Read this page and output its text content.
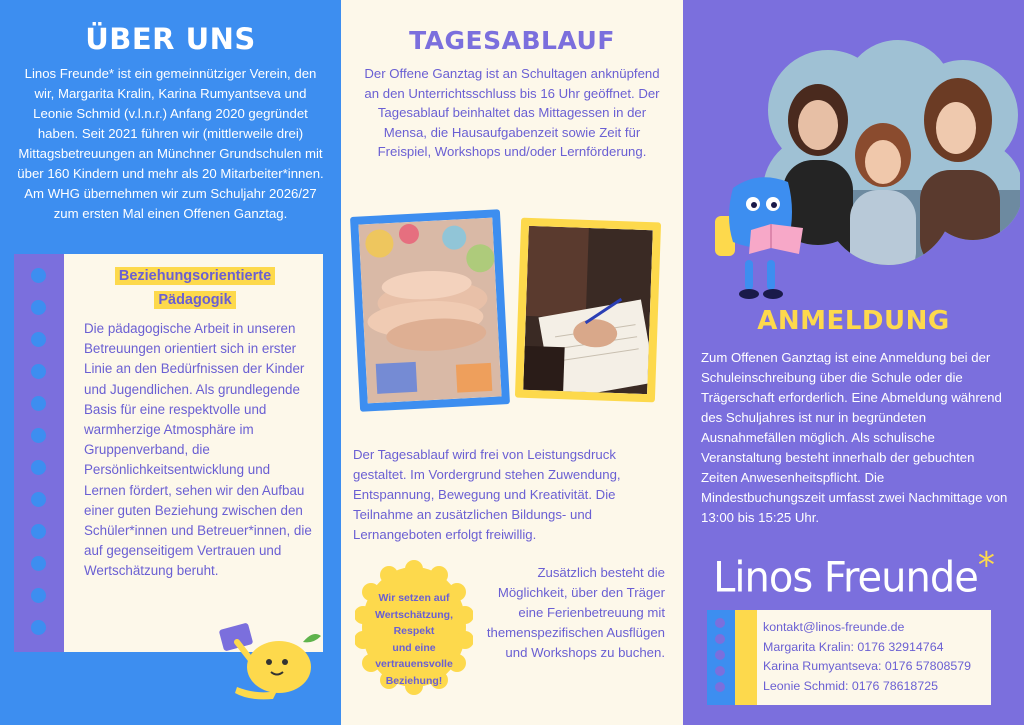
ÜBER UNS
Linos Freunde* ist ein gemeinnütziger Verein, den wir, Margarita Kralin, Karina Rumyantseva und Leonie Schmid (v.l.n.r.) Anfang 2020 gegründet haben. Seit 2021 führen wir (mittlerweile drei) Mittagsbetreuungen an Münchner Grundschulen mit über 160 Kindern und mehr als 20 Mitarbeiter*innen. Am WHG übernehmen wir zum Schuljahr 2026/27 zum ersten Mal einen Offenen Ganztag.
Beziehungsorientierte
Pädagogik
Die pädagogische Arbeit in unseren Betreuungen orientiert sich in erster Linie an den Bedürfnissen der Kinder und Jugendlichen. Als grundlegende Basis für eine respektvolle und warmherzige Atmosphäre im Gruppenverband, die Persönlichkeitsentwicklung und Lernen fördert, sehen wir den Aufbau einer guten Beziehung zwischen den Schüler*innen und Betreuer*innen, die auf gegenseitigem Vertrauen und Wertschätzung beruht.
TAGESABLAUF
Der Offene Ganztag ist an Schultagen anknüpfend an den Unterrichtsschluss bis 16 Uhr geöffnet. Der Tagesablauf beinhaltet das Mittagessen in der Mensa, die Hausaufgabenzeit sowie Zeit für Freispiel, Workshops und/oder Lernförderung.
Der Tagesablauf wird frei von Leistungsdruck gestaltet. Im Vordergrund stehen Zuwendung, Entspannung, Bewegung und Kreativität. Die Teilnahme an zusätzlichen Bildungs- und Lernangeboten erfolgt freiwillig.
Zusätzlich besteht die Möglichkeit, über den Träger eine Ferienbetreuung mit themenspezifischen Ausflügen und Workshops zu buchen.
Wir setzen auf
Wertschätzung,
Respekt
und eine
vertrauensvolle
Beziehung!
ANMELDUNG
Zum Offenen Ganztag ist eine Anmeldung bei der Schuleinschreibung über die Schule oder die Trägerschaft erforderlich. Eine Abmeldung während des Schuljahres ist nur in begründeten Ausnahmefällen möglich. Als schulische Veranstaltung besteht innerhalb der gebuchten Zeiten Anwesenheitspflicht. Die Mindestbuchungszeit umfasst zwei Nachmittage von 13:00 bis 15:25 Uhr.
Linos Freunde*
kontakt@linos-freunde.de
Margarita Kralin: 0176 32914764
Karina Rumyantseva: 0176 57808579
Leonie Schmid: 0176 78618725
